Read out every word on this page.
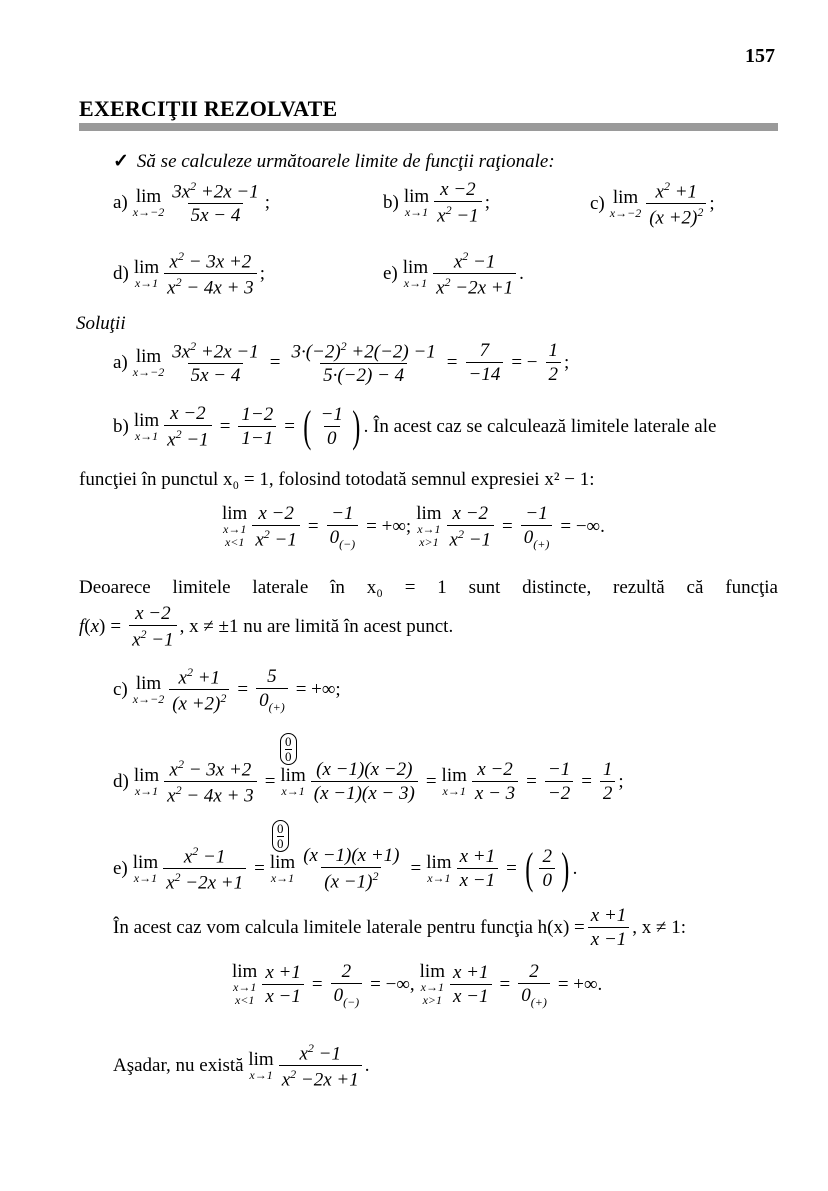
157
EXERCIŢII REZOLVATE
✓ Să se calculeze următoarele limite de funcţii raţionale:
a) lim
x→−2
$3x^2 +2x -1$
5x − 4
;	b) lim
x→1
x −2
$x^2 -1$
;	c) lim
x→−2
$x^2 +1$
$(x +2)^2$ ;
d) lim
x→1
$x^2 - 3x +2$
$x^2 - 4x + 3$
;	e) lim
x→1
$x^2 -1$
$x^2 -2x +1$
.
Soluţii
a) lim
$x\to-2 \frac{3x^2 +2x -1}{5x - 4} = \frac{3\cdot(-2)^2 +2(-2) -1}{5\cdot(-2) - 4} = \frac{7}{-14}$ = − $\frac{1}{2}$ ;
b) lim
$x\to 1 \frac{x -2}{x^2 -1} = \frac{1-2}{1-1}$ = ( −1
0 ) . În acest caz se calculează limitele laterale ale
funcţiei în punctul x₀ = 1, folosind totodată semnul expresiei x² − 1:
lim
x→1
$x<1 \frac{x -2}{x^2 -1} = \frac{-1}{0_{(-)}}$ = +∞;
lim
x→1
$x>1 \frac{x -2}{x^2 -1} = \frac{-1}{0_{(+)}}$ = −∞.
Deoarece limitele laterale în x₀ = 1 sunt distincte, rezultă că funcţia
f ( x ) = $\frac{x -2}{x^2 -1}$ , x ≠ ±1 nu are limită în acest punct.
c) lim
$x\to-2 \frac{x^2 +1}{(x +2)^2} = \frac{5}{0_{(+)}}$ = +∞;
$\frac{0}{0}$
d) lim
$x\to 1 \frac{x^2 - 3x +2}{x^2 - 4x + 3} = \lim$
$x\to 1 \frac{(x -1)(x -2)}{(x -1)(x - 3)} = \lim$
$x\to 1 \frac{x -2}{x - 3} = \frac{-1}{-2} = \frac{1}{2}$ ;
$\frac{0}{0}$
e) lim
$x\to 1 \frac{x^2 -1}{x^2 -2x +1} = \lim$
$x\to 1 \frac{(x -1)(x +1)}{(x -1)^2} = \lim$
$x\to 1 \frac{x +1}{x -1}$ = ( 2
0 ) .
În acest caz vom calcula limitele laterale pentru funcţia $h(x) = \frac{x +1}{x -1}$ , x ≠ 1:
lim
x→1
$x<1 \frac{x +1}{x -1} = \frac{2}{0_{(-)}}$ = −∞,
lim
x→1
$x>1 \frac{x +1}{x -1} = \frac{2}{0_{(+)}}$ = +∞.
Aşadar, nu există
lim
x→1
$x^2 -1$
$x^2 -2x +1$
.
